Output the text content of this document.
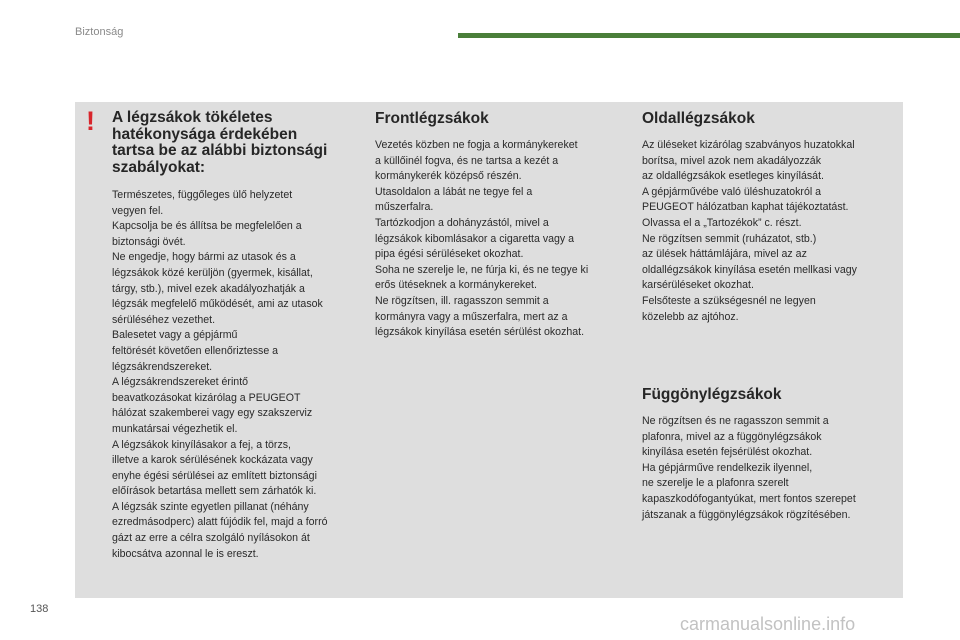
Biztonság
! A légzsákok tökéletes
hatékonysága érdekében
tartsa be az alábbi biztonsági
szabályokat:
Természetes, függőleges ülő helyzetet
vegyen fel.
Kapcsolja be és állítsa be megfelelően a
biztonsági övét.
Ne engedje, hogy bármi az utasok és a
légzsákok közé kerüljön (gyermek, kisállat,
tárgy, stb.), mivel ezek akadályozhatják a
légzsák megfelelő működését, ami az utasok
sérüléséhez vezethet.
Balesetet vagy a gépjármű
feltörését követően ellenőriztesse a
légzsákrendszereket.
A légzsákrendszereket érintő
beavatkozásokat kizárólag a PEUGEOT
hálózat szakemberei vagy egy szakszerviz
munkatársai végezhetik el.
A légzsákok kinyílásakor a fej, a törzs,
illetve a karok sérülésének kockázata vagy
enyhe égési sérülései az említett biztonsági
előírások betartása mellett sem zárhatók ki.
A légzsák szinte egyetlen pillanat (néhány
ezredmásodperc) alatt fújódik fel, majd a forró
gázt az erre a célra szolgáló nyílásokon át
kibocsátva azonnal le is ereszt.
Frontlégzsákok
Vezetés közben ne fogja a kormánykereket
a küllőinél fogva, és ne tartsa a kezét a
kormánykerék középső részén.
Utasoldalon a lábát ne tegye fel a
műszerfalra.
Tartózkodjon a dohányzástól, mivel a
légzsákok kibomlásakor a cigaretta vagy a
pipa égési sérüléseket okozhat.
Soha ne szerelje le, ne fúrja ki, és ne tegye ki
erős ütéseknek a kormánykereket.
Ne rögzítsen, ill. ragasszon semmit a
kormányra vagy a műszerfalra, mert az a
légzsákok kinyílása esetén sérülést okozhat.
Oldallégzsákok
Az üléseket kizárólag szabványos huzatokkal
borítsa, mivel azok nem akadályozzák
az oldallégzsákok esetleges kinyílását.
A gépjárművébe való üléshuzatokról a
PEUGEOT hálózatban kaphat tájékoztatást.
Olvassa el a „Tartozékok” c. részt.
Ne rögzítsen semmit (ruházatot, stb.)
az ülések háttámlájára, mivel az az
oldallégzsákok kinyílása esetén mellkasi vagy
karsérüléseket okozhat.
Felsőteste a szükségesnél ne legyen
közelebb az ajtóhoz.
Függönylégzsákok
Ne rögzítsen és ne ragasszon semmit a
plafonra, mivel az a függönylégzsákok
kinyílása esetén fejsérülést okozhat.
Ha gépjárműve rendelkezik ilyennel,
ne szerelje le a plafonra szerelt
kapaszkodófogantyúkat, mert fontos szerepet
játszanak a függönylégzsákok rögzítésében.
138
carmanualsonline.info
